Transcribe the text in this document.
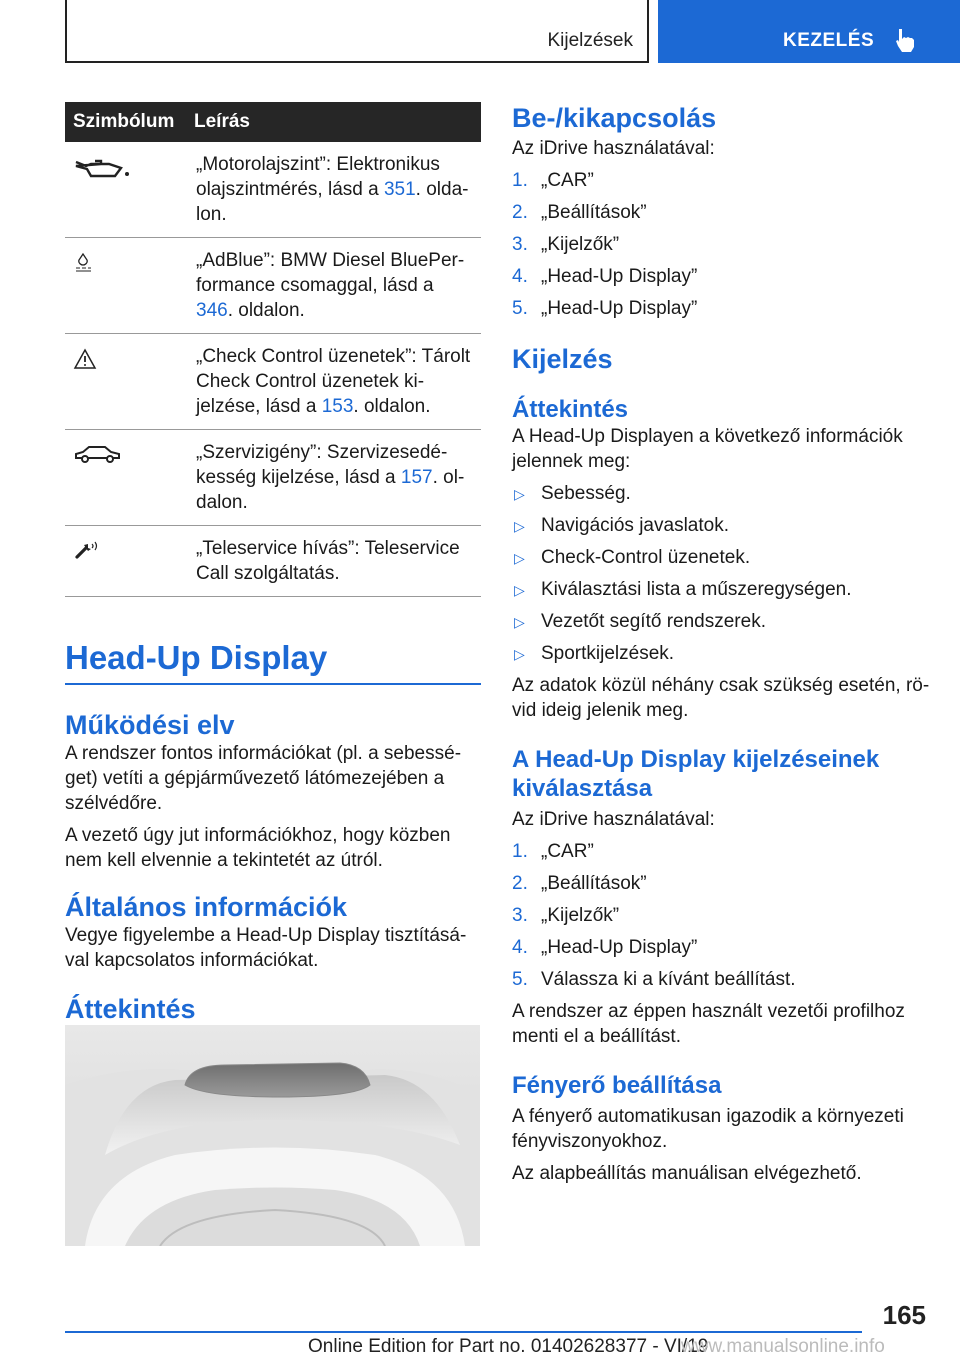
Kijelzések	KEZELÉS
Szimbólum	Leírás
	„Motorolajszint”: Elektronikus olajszintmérés, lásd a 351. oldalon.
	„AdBlue”: BMW Diesel BluePerformance csomaggal, lásd a 346. oldalon.
	„Check Control üzenetek”: Tárolt Check Control üzenetek kijelzése, lásd a 153. oldalon.
	„Szervizigény”: Szervizesedékesség kijelzése, lásd a 157. oldalon.
	„Teleservice hívás”: Teleservice Call szolgáltatás.
Head-Up Display
Működési elv

A rendszer fontos információkat (pl. a sebességet) vetíti a gépjárművezető látómezejében a szélvédőre.

A vezető úgy jut információkhoz, hogy közben nem kell elvennie a tekintetét az útról.

Általános információk

Vegye figyelembe a Head-Up Display tisztításával kapcsolatos információkat.

Áttekintés
Be-/kikapcsolás

Az iDrive használatával:

1. „CAR”
2. „Beállítások”
3. „Kijelzők”
4. „Head-Up Display”
5. „Head-Up Display”
Kijelzés
Áttekintés

A Head-Up Displayen a következő információk jelennek meg:

▷ Sebesség.
▷ Navigációs javaslatok.
▷ Check-Control üzenetek.
▷ Kiválasztási lista a műszeregységen.
▷ Vezetőt segítő rendszerek.
▷ Sportkijelzések.

Az adatok közül néhány csak szükség esetén, rövid ideig jelenik meg.

A Head-Up Display kijelzéseinek kiválasztása

Az iDrive használatával:

1. „CAR”
2. „Beállítások”
3. „Kijelzők”
4. „Head-Up Display”
5. Válassza ki a kívánt beállítást.

A rendszer az éppen használt vezetői profilhoz menti el a beállítást.

Fényerő beállítása

A fényerő automatikusan igazodik a környezeti fényviszonyokhoz.

Az alapbeállítás manuálisan elvégezhető.

165
Online Edition for Part no. 01402628377 - VI/19
www.manualsonline.info
